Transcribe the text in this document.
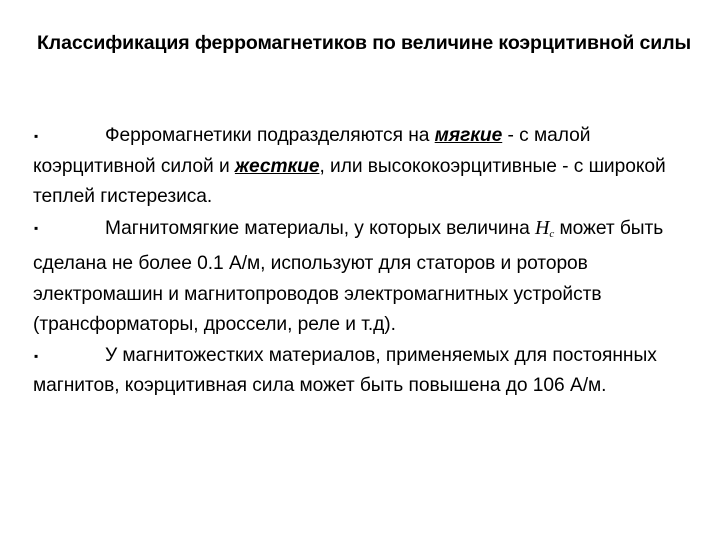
Классификация ферромагнетиков по величине коэрцитивной силы

▪	Ферромагнетики подразделяются на мягкие - с малой коэрцитивной силой и жесткие, или высококоэрцитивные - с широкой теплей гистерезиса.

▪	Магнитомягкие материалы, у которых величина $H_c$ может быть сделана не более 0.1 А/м, используют для статоров и роторов электромашин и магнитопроводов электромагнитных устройств (трансформаторы, дроссели, реле и т.д).

▪	У магнитожестких материалов, применяемых для постоянных магнитов, коэрцитивная сила может быть повышена до 106 А/м.
